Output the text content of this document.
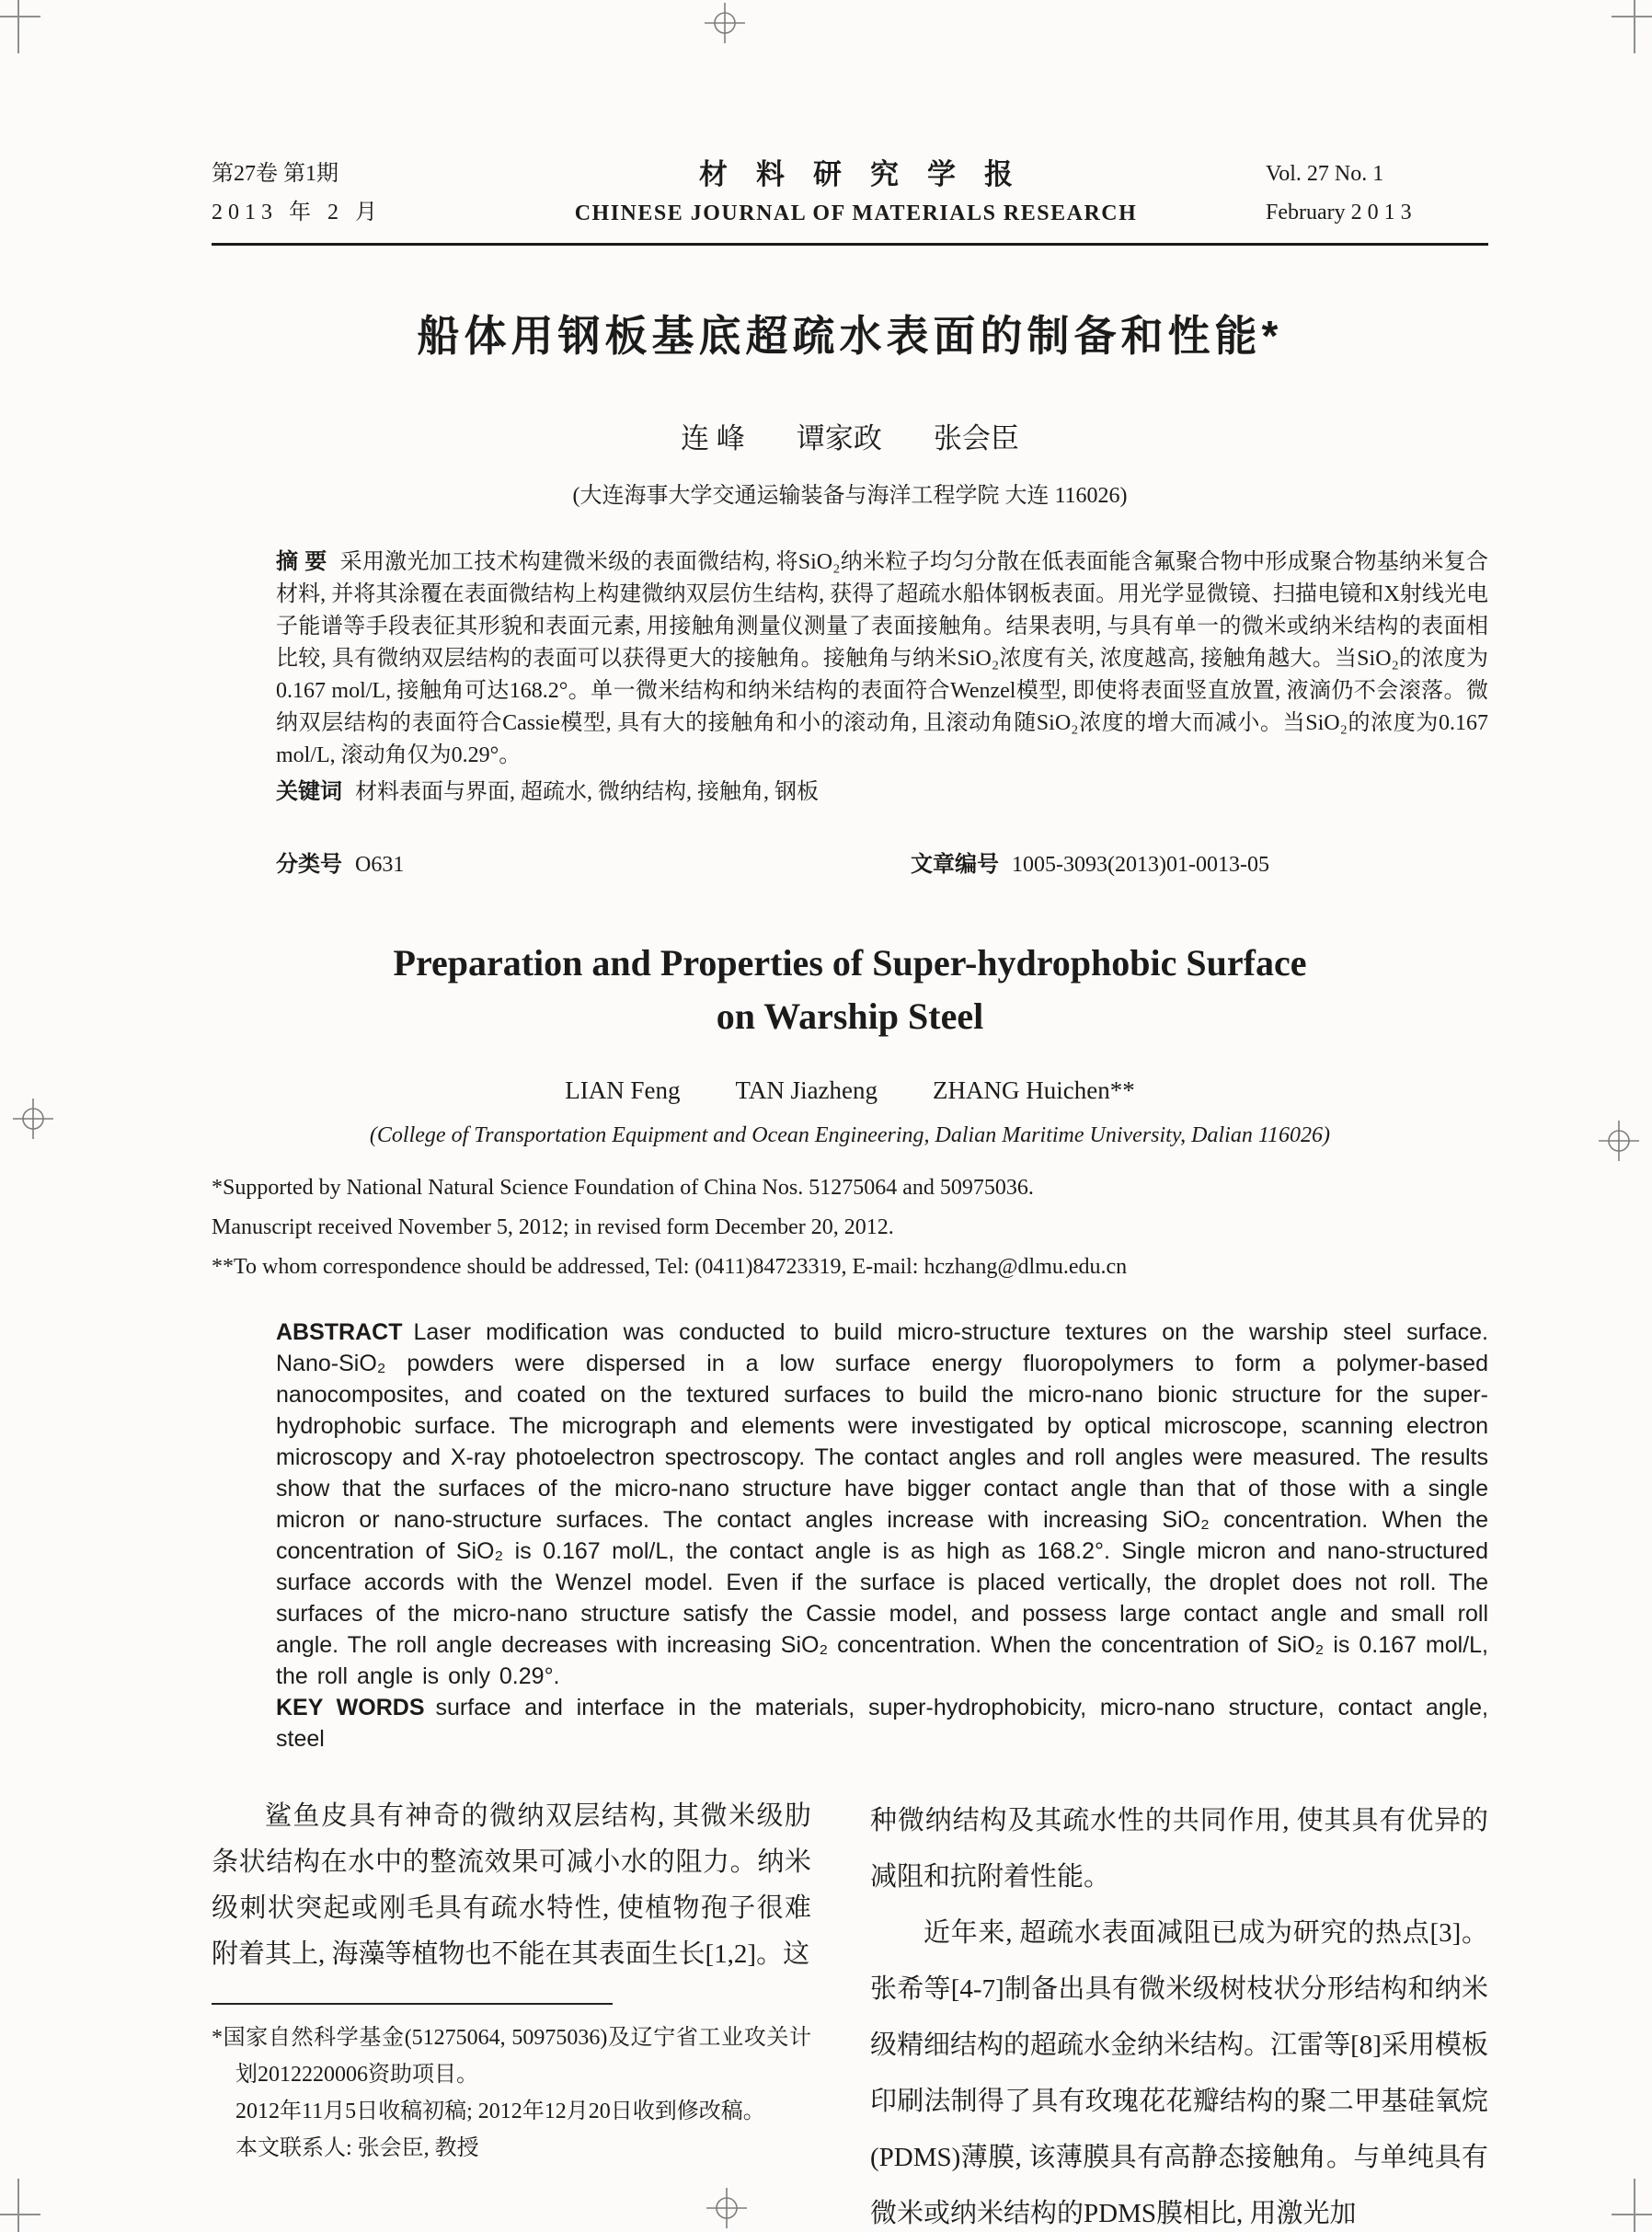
第27卷 第1期
2013 年 2 月
材　料　研　究　学　报
CHINESE JOURNAL OF MATERIALS RESEARCH
Vol. 27 No. 1
February 2 0 1 3
船体用钢板基底超疏水表面的制备和性能*
连 峰 谭家政 张会臣
(大连海事大学交通运输装备与海洋工程学院 大连 116026)

摘 要 采用激光加工技术构建微米级的表面微结构, 将SiO₂纳米粒子均匀分散在低表面能含氟聚合物中形成聚合物基纳米复合材料, 并将其涂覆在表面微结构上构建微纳双层仿生结构, 获得了超疏水船体钢板表面。用光学显微镜、扫描电镜和X射线光电子能谱等手段表征其形貌和表面元素, 用接触角测量仪测量了表面接触角。结果表明, 与具有单一的微米或纳米结构的表面相比较, 具有微纳双层结构的表面可以获得更大的接触角。接触角与纳米SiO₂浓度有关, 浓度越高, 接触角越大。当SiO₂的浓度为0.167 mol/L, 接触角可达168.2°。单一微米结构和纳米结构的表面符合Wenzel模型, 即使将表面竖直放置, 液滴仍不会滚落。微纳双层结构的表面符合Cassie模型, 具有大的接触角和小的滚动角, 且滚动角随SiO₂浓度的增大而减小。当SiO₂的浓度为0.167 mol/L, 滚动角仅为0.29°。

关键词 材料表面与界面, 超疏水, 微纳结构, 接触角, 钢板

分类号 O631	文章编号 1005-3093(2013)01-0013-05
Preparation and Properties of Super-hydrophobic Surface
on Warship Steel
LIAN Feng TAN Jiazheng ZHANG Huichen**
(College of Transportation Equipment and Ocean Engineering, Dalian Maritime University, Dalian 116026)

*Supported by National Natural Science Foundation of China Nos. 51275064 and 50975036.

Manuscript received November 5, 2012; in revised form December 20, 2012.

**To whom correspondence should be addressed, Tel: (0411)84723319, E-mail: hczhang@dlmu.edu.cn

ABSTRACT Laser modification was conducted to build micro-structure textures on the warship steel surface. Nano-SiO₂ powders were dispersed in a low surface energy fluoropolymers to form a polymer-based nanocomposites, and coated on the textured surfaces to build the micro-nano bionic structure for the super- hydrophobic surface. The micrograph and elements were investigated by optical microscope, scanning electron microscopy and X-ray photoelectron spectroscopy. The contact angles and roll angles were measured. The results show that the surfaces of the micro-nano structure have bigger contact angle than that of those with a single micron or nano-structure surfaces. The contact angles increase with increasing SiO₂ concentration. When the concentration of SiO₂ is 0.167 mol/L, the contact angle is as high as 168.2°. Single micron and nano-structured surface accords with the Wenzel model. Even if the surface is placed vertically, the droplet does not roll. The surfaces of the micro-nano structure satisfy the Cassie model, and possess large contact angle and small roll angle. The roll angle decreases with increasing SiO₂ concentration. When the concentration of SiO₂ is 0.167 mol/L, the roll angle is only 0.29°.

KEY WORDS surface and interface in the materials, super-hydrophobicity, micro-nano structure, contact angle, steel

鲨鱼皮具有神奇的微纳双层结构, 其微米级肋条状结构在水中的整流效果可减小水的阻力。纳米级刺状突起或刚毛具有疏水特性, 使植物孢子很难附着其上, 海藻等植物也不能在其表面生长[1,2]。这

*国家自然科学基金(51275064, 50975036)及辽宁省工业攻关计划2012220006资助项目。

2012年11月5日收稿初稿; 2012年12月20日收到修改稿。

本文联系人: 张会臣, 教授

种微纳结构及其疏水性的共同作用, 使其具有优异的减阻和抗附着性能。

近年来, 超疏水表面减阻已成为研究的热点[3]。张希等[4-7]制备出具有微米级树枝状分形结构和纳米级精细结构的超疏水金纳米结构。江雷等[8]采用模板印刷法制得了具有玫瑰花花瓣结构的聚二甲基硅氧烷(PDMS)薄膜, 该薄膜具有高静态接触角。与单纯具有微米或纳米结构的PDMS膜相比, 用激光加
